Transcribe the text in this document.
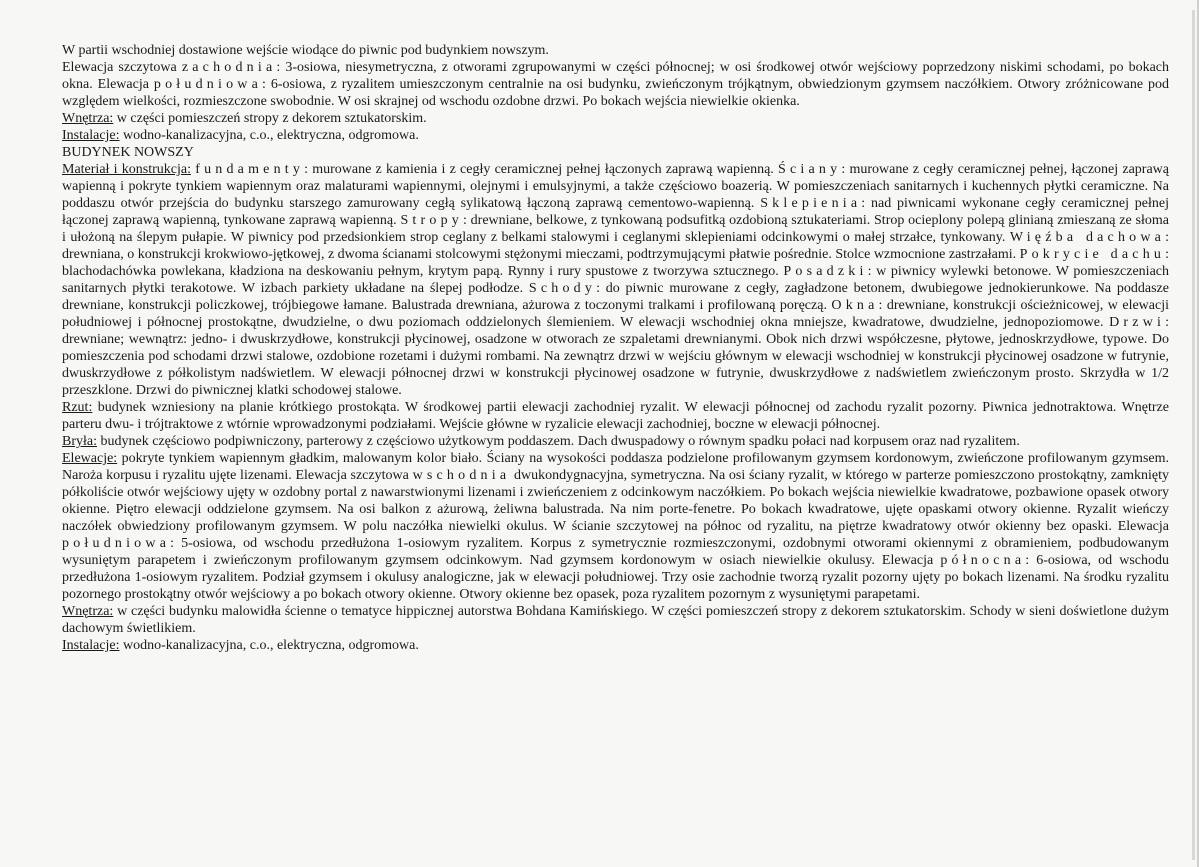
W partii wschodniej dostawione wejście wiodące do piwnic pod budynkiem nowszym.

Elewacja szczytowa zachodnia: 3-osiowa, niesymetryczna, z otworami zgrupowanymi w części północnej; w osi środkowej otwór wejściowy poprzedzony niskimi schodami, po bokach okna. Elewacja południowa: 6-osiowa, z ryzalitem umieszczonym centralnie na osi budynku, zwieńczonym trójkątnym, obwiedzionym gzymsem naczółkiem. Otwory zróżnicowane pod względem wielkości, rozmieszczone swobodnie. W osi skrajnej od wschodu ozdobne drzwi. Po bokach wejścia niewielkie okienka.

Wnętrza: w części pomieszczeń stropy z dekorem sztukatorskim.

Instalacje: wodno-kanalizacyjna, c.o., elektryczna, odgromowa.

BUDYNEK NOWSZY

Materiał i konstrukcja: fundamenty: murowane z kamienia i z cegły ceramicznej pełnej łączonych zaprawą wapienną. Ściany: murowane z cegły ceramicznej pełnej, łączonej zaprawą wapienną i pokryte tynkiem wapiennym oraz malaturami wapiennymi, olejnymi i emulsyjnymi, a także częściowo boazerią. W pomieszczeniach sanitarnych i kuchennych płytki ceramiczne. Na poddaszu otwór przejścia do budynku starszego zamurowany cegłą sylikatową łączoną zaprawą cementowo-wapienną. Sklepienia: nad piwnicami wykonane cegły ceramicznej pełnej łączonej zaprawą wapienną, tynkowane zaprawą wapienną. Stropy: drewniane, belkowe, z tynkowaną podsufitką ozdobioną sztukateriami. Strop ocieplony polepą glinianą zmieszaną ze słoma i ułożoną na ślepym pułapie. W piwnicy pod przedsionkiem strop ceglany z belkami stalowymi i ceglanymi sklepieniami odcinkowymi o małej strzałce, tynkowany. Więźba dachowa: drewniana, o konstrukcji krokwiowo-jętkowej, z dwoma ścianami stolcowymi stężonymi mieczami, podtrzymującymi płatwie pośrednie. Stolce wzmocnione zastrzałami. Pokrycie dachu: blachodachówka powlekana, kładziona na deskowaniu pełnym, krytym papą. Rynny i rury spustowe z tworzywa sztucznego. Posadzki: w piwnicy wylewki betonowe. W pomieszczeniach sanitarnych płytki terakotowe. W izbach parkiety układane na ślepej podłodze. Schody: do piwnic murowane z cegły, zagładzone betonem, dwubiegowe jednokierunkowe. Na poddasze drewniane, konstrukcji policzkowej, trójbiegowe łamane. Balustrada drewniana, ażurowa z toczonymi tralkami i profilowaną poręczą. Okna: drewniane, konstrukcji ościeżnicowej, w elewacji południowej i północnej prostokątne, dwudzielne, o dwu poziomach oddzielonych ślemieniem. W elewacji wschodniej okna mniejsze, kwadratowe, dwudzielne, jednopoziomowe. Drzwi: drewniane; wewnątrz: jedno- i dwuskrzydłowe, konstrukcji płycinowej, osadzone w otworach ze szpaletami drewnianymi. Obok nich drzwi współczesne, płytowe, jednoskrzydłowe, typowe. Do pomieszczenia pod schodami drzwi stalowe, ozdobione rozetami i dużymi rombami. Na zewnątrz drzwi w wejściu głównym w elewacji wschodniej w konstrukcji płycinowej osadzone w futrynie, dwuskrzydłowe z półkolistym nadświetlem. W elewacji północnej drzwi w konstrukcji płycinowej osadzone w futrynie, dwuskrzydłowe z nadświetlem zwieńczonym prosto. Skrzydła w 1/2 przeszklone. Drzwi do piwnicznej klatki schodowej stalowe.

Rzut: budynek wzniesiony na planie krótkiego prostokąta. W środkowej partii elewacji zachodniej ryzalit. W elewacji północnej od zachodu ryzalit pozorny. Piwnica jednotraktowa. Wnętrze parteru dwu- i trójtraktowe z wtórnie wprowadzonymi podziałami. Wejście główne w ryzalicie elewacji zachodniej, boczne w elewacji północnej.

Bryła: budynek częściowo podpiwniczony, parterowy z częściowo użytkowym poddaszem. Dach dwuspadowy o równym spadku połaci nad korpusem oraz nad ryzalitem.

Elewacje: pokryte tynkiem wapiennym gładkim, malowanym kolor biało. Ściany na wysokości poddasza podzielone profilowanym gzymsem kordonowym, zwieńczone profilowanym gzymsem. Naroża korpusu i ryzalitu ujęte lizenami. Elewacja szczytowa wschodnia dwukondygnacyjna, symetryczna. Na osi ściany ryzalit, w którego w parterze pomieszczono prostokątny, zamknięty półkoliście otwór wejściowy ujęty w ozdobny portal z nawarstwionymi lizenami i zwieńczeniem z odcinkowym naczółkiem. Po bokach wejścia niewielkie kwadratowe, pozbawione opasek otwory okienne. Piętro elewacji oddzielone gzymsem. Na osi balkon z ażurową, żeliwna balustrada. Na nim porte-fenetre. Po bokach kwadratowe, ujęte opaskami otwory okienne. Ryzalit wieńczy naczółek obwiedziony profilowanym gzymsem. W polu naczółka niewielki okulus. W ścianie szczytowej na północ od ryzalitu, na piętrze kwadratowy otwór okienny bez opaski. Elewacja południowa: 5-osiowa, od wschodu przedłużona 1-osiowym ryzalitem. Korpus z symetrycznie rozmieszczonymi, ozdobnymi otworami okiennymi z obramieniem, podbudowanym wysuniętym parapetem i zwieńczonym profilowanym gzymsem odcinkowym. Nad gzymsem kordonowym w osiach niewielkie okulusy. Elewacja północna: 6-osiowa, od wschodu przedłużona 1-osiowym ryzalitem. Podział gzymsem i okulusy analogiczne, jak w elewacji południowej. Trzy osie zachodnie tworzą ryzalit pozorny ujęty po bokach lizenami. Na środku ryzalitu pozornego prostokątny otwór wejściowy a po bokach otwory okienne. Otwory okienne bez opasek, poza ryzalitem pozornym z wysuniętymi parapetami.

Wnętrza: w części budynku malowidła ścienne o tematyce hippicznej autorstwa Bohdana Kamińskiego. W części pomieszczeń stropy z dekorem sztukatorskim. Schody w sieni doświetlone dużym dachowym świetlikiem.

Instalacje: wodno-kanalizacyjna, c.o., elektryczna, odgromowa.
